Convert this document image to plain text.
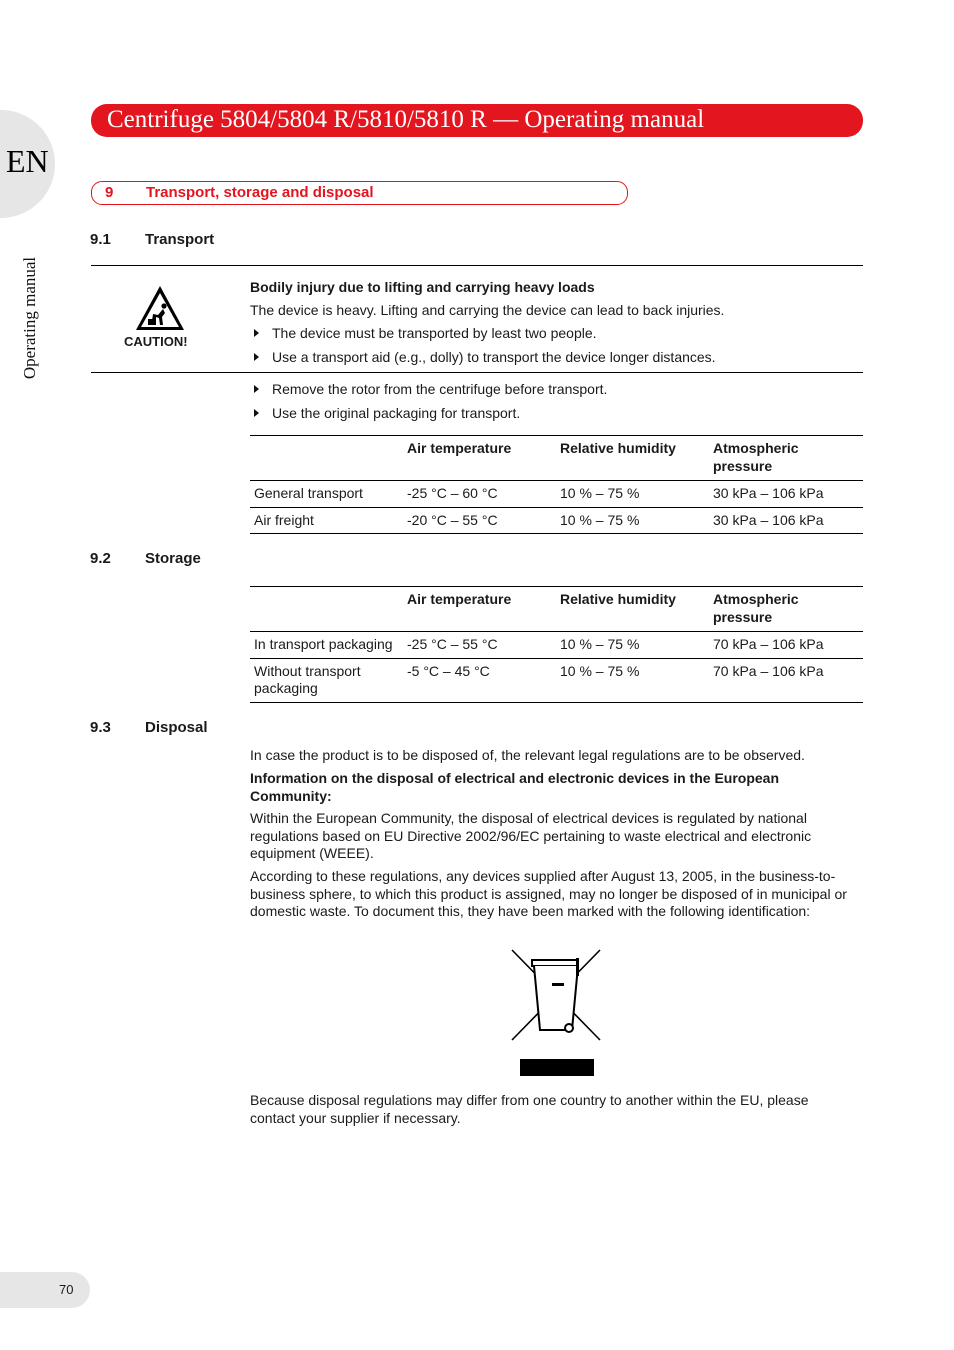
EN
Operating manual
Centrifuge 5804/5804 R/5810/5810 R — Operating manual
9 Transport, storage and disposal
9.1 Transport
CAUTION!
Bodily injury due to lifting and carrying heavy loads
The device is heavy. Lifting and carrying the device can lead to back injuries.
The device must be transported by least two people.
Use a transport aid (e.g., dolly) to transport the device longer distances.
Remove the rotor from the centrifuge before transport.
Use the original packaging for transport.
	Air temperature	Relative humidity	Atmospheric pressure
General transport	-25 °C – 60 °C	10 % – 75 %	30 kPa – 106 kPa
Air freight	-20 °C – 55 °C	10 % – 75 %	30 kPa – 106 kPa
9.2 Storage
	Air temperature	Relative humidity	Atmospheric pressure
In transport packaging	-25 °C – 55 °C	10 % – 75 %	70 kPa – 106 kPa
Without transport packaging	-5 °C – 45 °C	10 % – 75 %	70 kPa – 106 kPa
9.3 Disposal
In case the product is to be disposed of, the relevant legal regulations are to be observed.
Information on the disposal of electrical and electronic devices in the European Community:
Within the European Community, the disposal of electrical devices is regulated by national regulations based on EU Directive 2002/96/EC pertaining to waste electrical and electronic equipment (WEEE).
According to these regulations, any devices supplied after August 13, 2005, in the business-to-business sphere, to which this product is assigned, may no longer be disposed of in municipal or domestic waste. To document this, they have been marked with the following identification:
Because disposal regulations may differ from one country to another within the EU, please contact your supplier if necessary.
70
